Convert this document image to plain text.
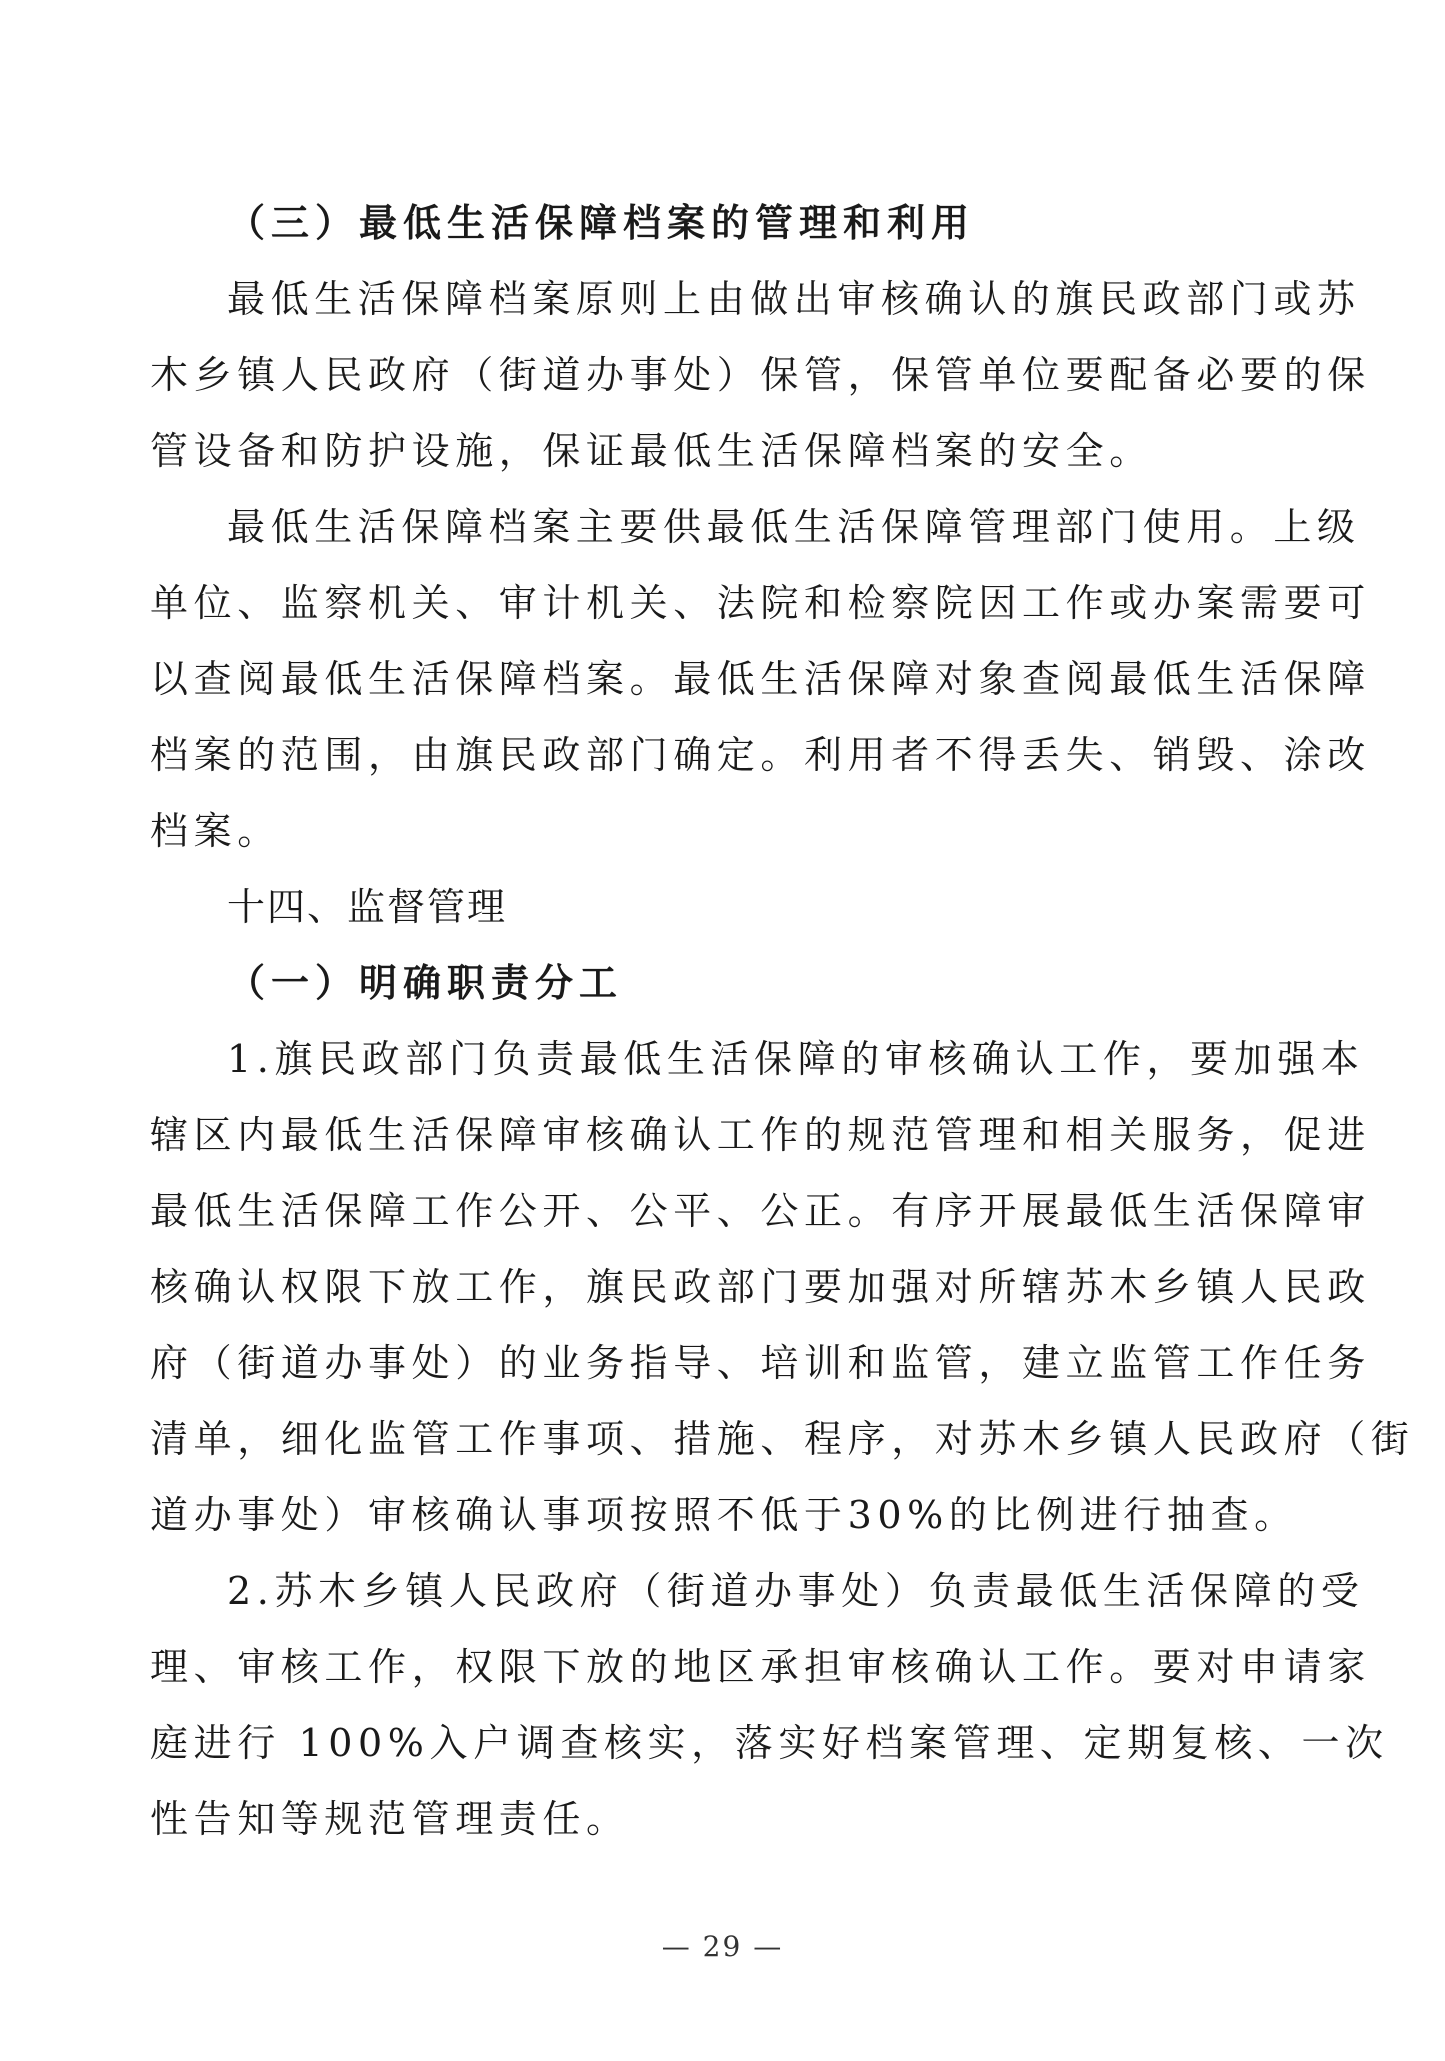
（三）最低生活保障档案的管理和利用

最低生活保障档案原则上由做出审核确认的旗民政部门或苏

木乡镇人民政府（街道办事处）保管，保管单位要配备必要的保

管设备和防护设施，保证最低生活保障档案的安全。

最低生活保障档案主要供最低生活保障管理部门使用。上级

单位、监察机关、审计机关、法院和检察院因工作或办案需要可

以查阅最低生活保障档案。最低生活保障对象查阅最低生活保障

档案的范围，由旗民政部门确定。利用者不得丢失、销毁、涂改

档案。

十四、监督管理

（一）明确职责分工

1.旗民政部门负责最低生活保障的审核确认工作，要加强本

辖区内最低生活保障审核确认工作的规范管理和相关服务，促进

最低生活保障工作公开、公平、公正。有序开展最低生活保障审

核确认权限下放工作，旗民政部门要加强对所辖苏木乡镇人民政

府（街道办事处）的业务指导、培训和监管，建立监管工作任务

清单，细化监管工作事项、措施、程序，对苏木乡镇人民政府（街

道办事处）审核确认事项按照不低于30%的比例进行抽查。

2.苏木乡镇人民政府（街道办事处）负责最低生活保障的受

理、审核工作，权限下放的地区承担审核确认工作。要对申请家

庭进行 100%入户调查核实，落实好档案管理、定期复核、一次

性告知等规范管理责任。

— 29 —
